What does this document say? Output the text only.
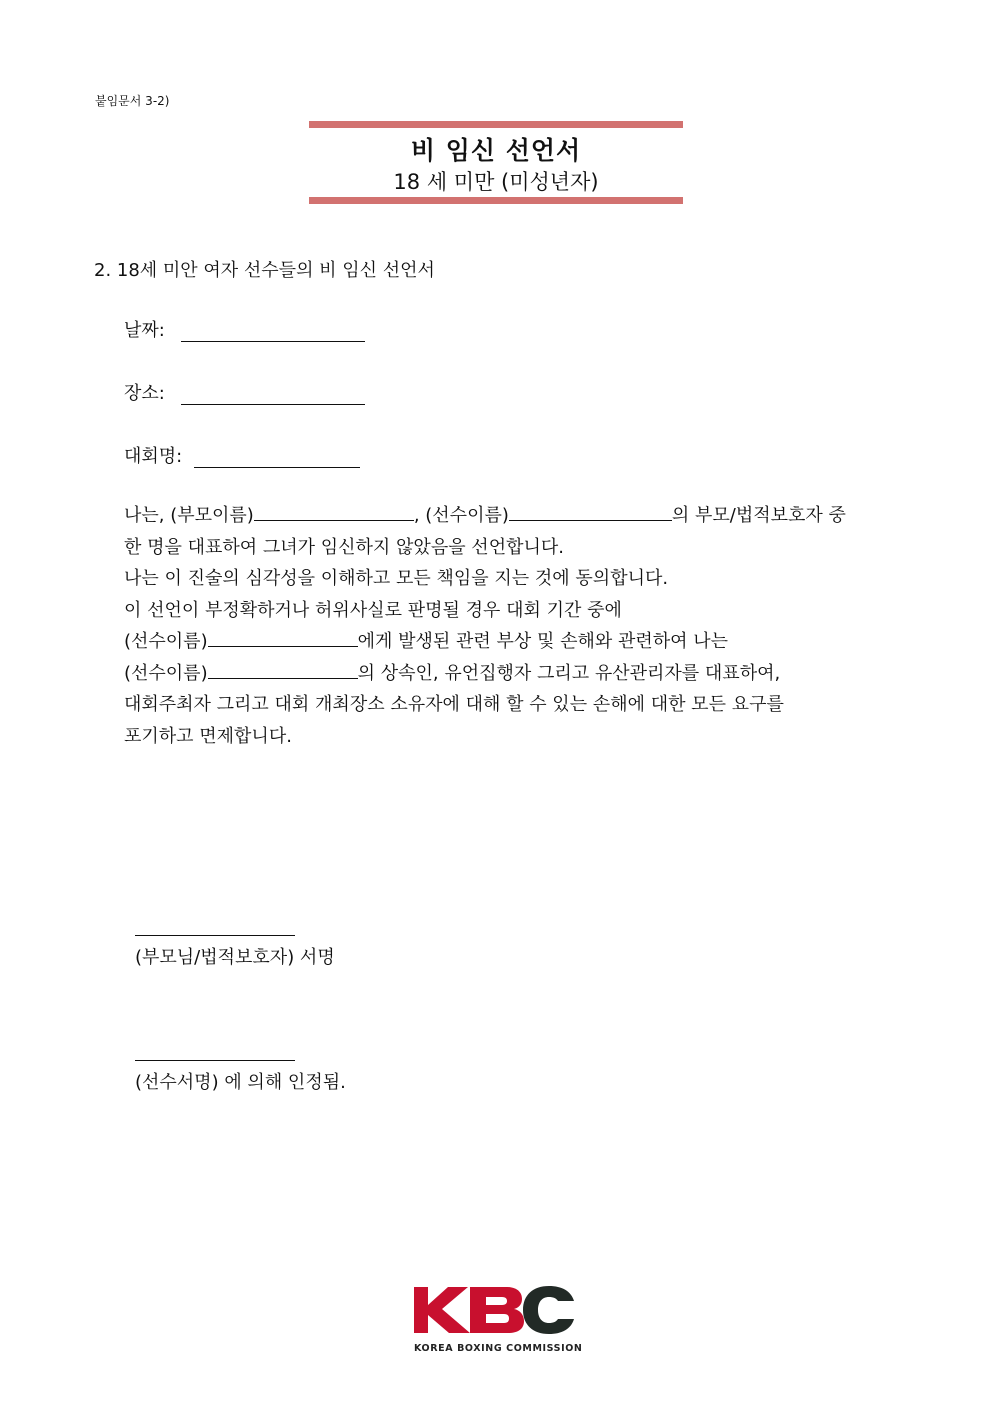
붙임문서 3-2)
비 임신 선언서
18 세 미만 (미성년자)
2. 18세 미안 여자 선수들의 비 임신 선언서
날짜:
장소:
대회명:
나는, (부모이름)	, (선수이름)	의 부모/법적보호자 중
한 명을 대표하여 그녀가 임신하지 않았음을 선언합니다.
나는 이 진술의 심각성을 이해하고 모든 책임을 지는 것에 동의합니다.
이 선언이 부정확하거나 허위사실로 판명될 경우 대회 기간 중에
(선수이름)	에게 발생된 관련 부상 및 손해와 관련하여 나는
(선수이름)	의 상속인, 유언집행자 그리고 유산관리자를 대표하여,
대회주최자 그리고 대회 개최장소 소유자에 대해 할 수 있는 손해에 대한 모든 요구를
포기하고 면제합니다.
(부모님/법적보호자) 서명
(선수서명) 에 의해 인정됨.
KOREA BOXING COMMISSION
